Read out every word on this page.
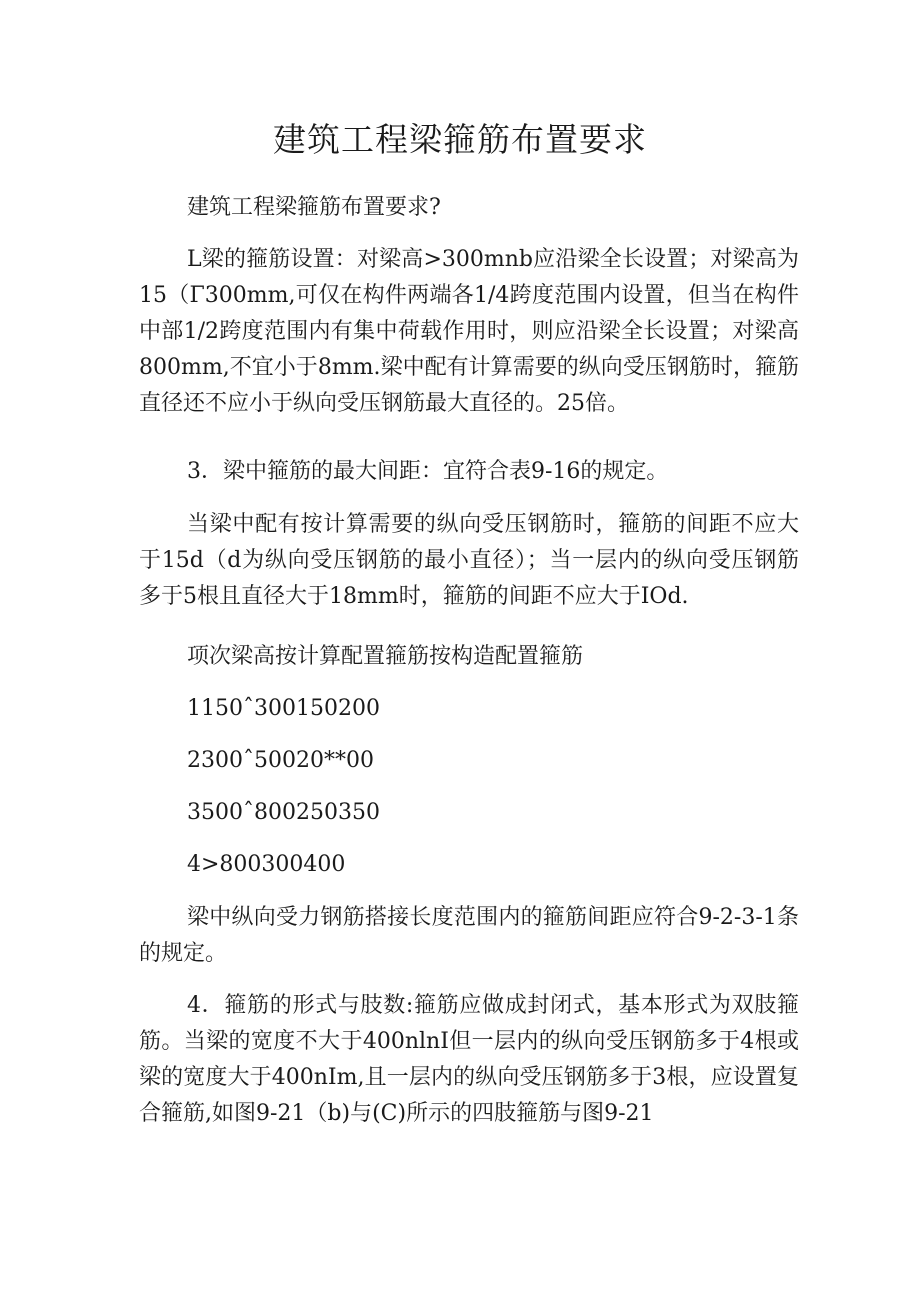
建筑工程梁箍筋布置要求

建筑工程梁箍筋布置要求?

L梁的箍筋设置：对梁高>300mnb应沿梁全长设置；对梁高为15（Γ300mm,可仅在构件两端各1/4跨度范围内设置，但当在构件中部1/2跨度范围内有集中荷载作用时，则应沿梁全长设置；对梁高800mm,不宜小于8mm.梁中配有计算需要的纵向受压钢筋时，箍筋直径还不应小于纵向受压钢筋最大直径的。25倍。

3．梁中箍筋的最大间距：宜符合表9-16的规定。

当梁中配有按计算需要的纵向受压钢筋时，箍筋的间距不应大于15d（d为纵向受压钢筋的最小直径）；当一层内的纵向受压钢筋多于5根且直径大于18mm时，箍筋的间距不应大于IOd.

项次梁高按计算配置箍筋按构造配置箍筋

1150ˆ300150200

2300ˆ50020**00

3500ˆ800250350

4>800300400

梁中纵向受力钢筋搭接长度范围内的箍筋间距应符合9-2-3-1条的规定。

4．箍筋的形式与肢数:箍筋应做成封闭式，基本形式为双肢箍筋。当梁的宽度不大于400nlnI但一层内的纵向受压钢筋多于4根或梁的宽度大于400nIm,且一层内的纵向受压钢筋多于3根，应设置复合箍筋,如图9-21（b)与(C)所示的四肢箍筋与图9-21
